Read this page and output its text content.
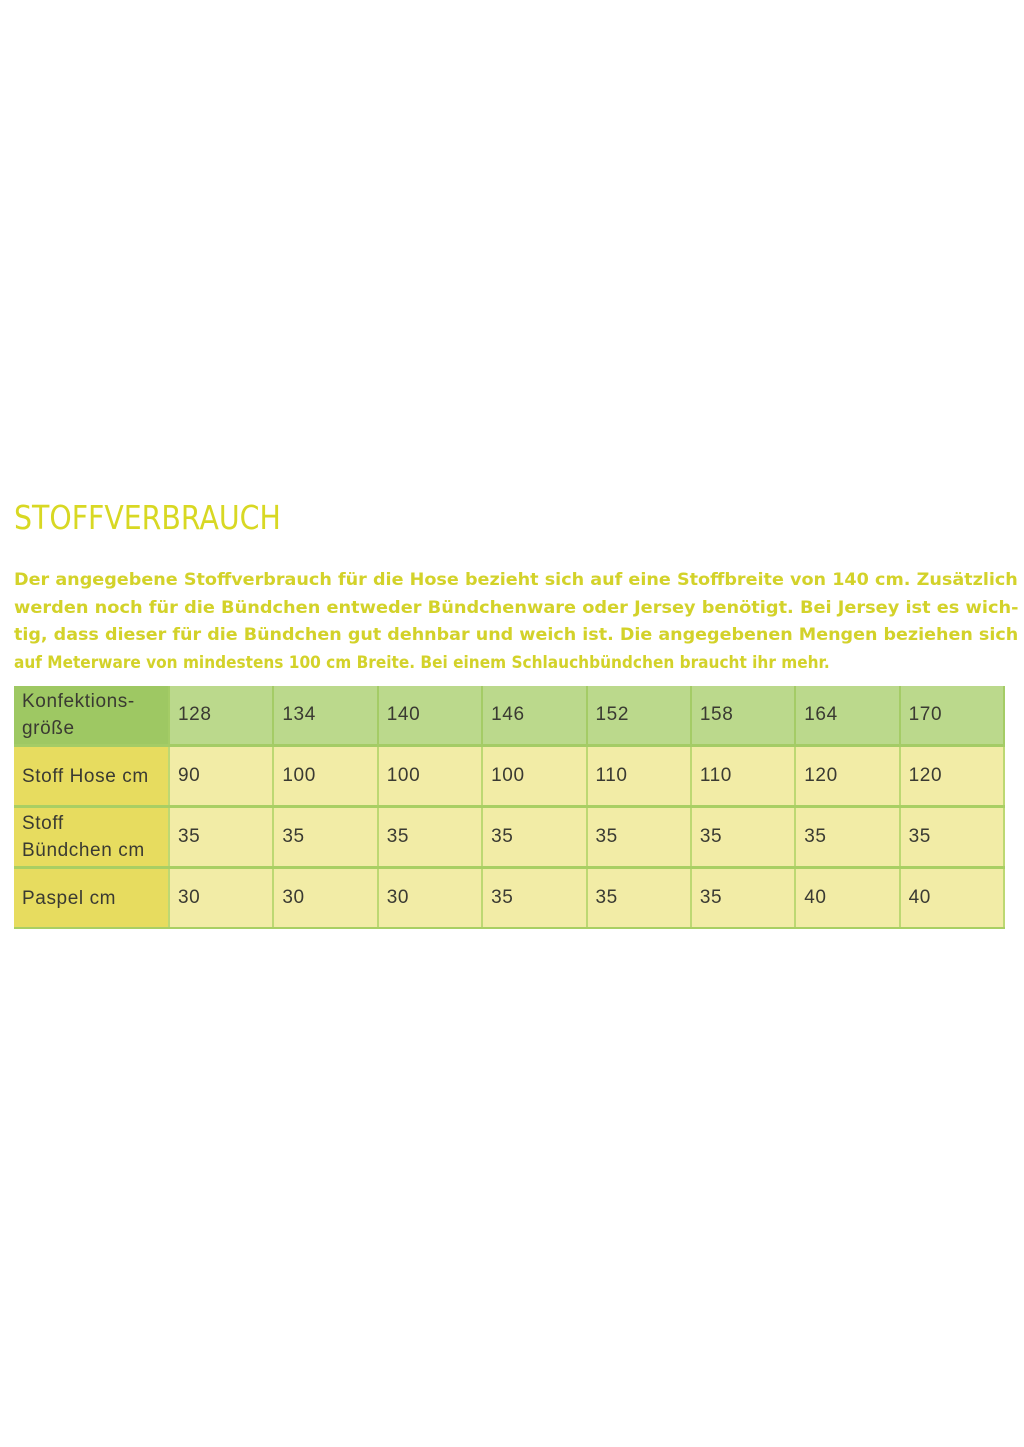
STOFFVERBRAUCH
Der angegebene Stoffverbrauch für die Hose bezieht sich auf eine Stoffbreite von 140 cm. Zusätzlich
werden noch für die Bündchen entweder Bündchenware oder Jersey benötigt. Bei Jersey ist es wich-
tig, dass dieser für die Bündchen gut dehnbar und weich ist. Die angegebenen Mengen beziehen sich
auf Meterware von mindestens 100 cm Breite. Bei einem Schlauchbündchen braucht ihr mehr.
Konfektions-
größe	128	134	140	146	152	158	164	170
Stoff Hose cm	90	100	100	100	110	110	120	120
Stoff
Bündchen cm	35	35	35	35	35	35	35	35
Paspel cm	30	30	30	35	35	35	40	40
